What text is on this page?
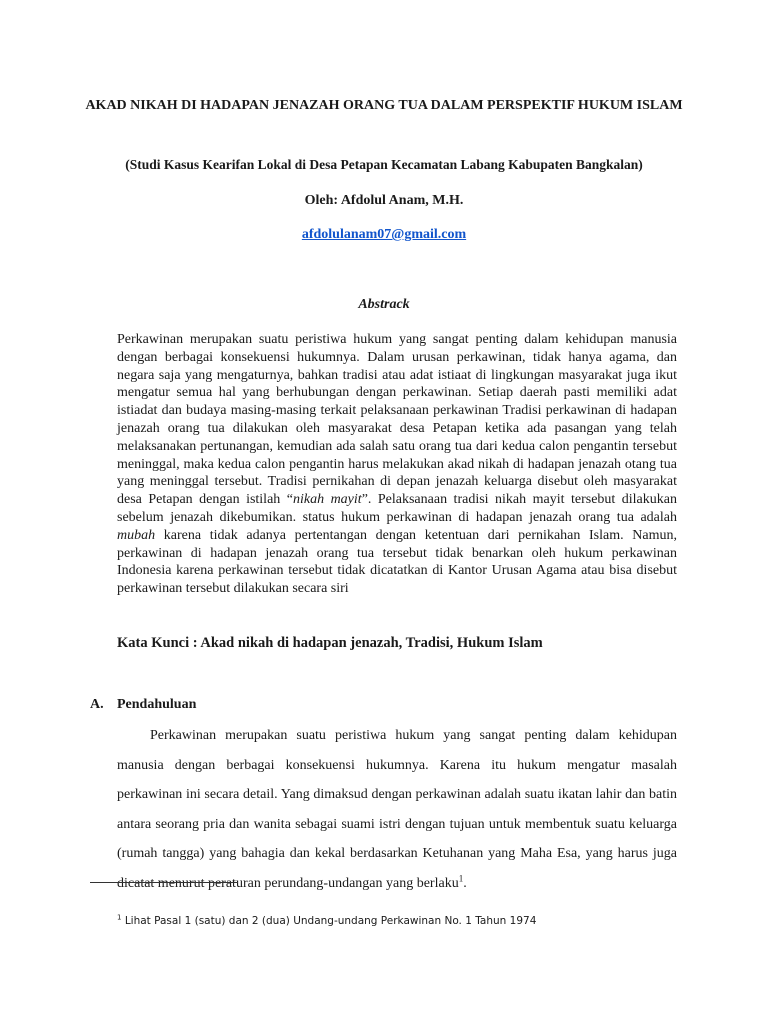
AKAD NIKAH DI HADAPAN JENAZAH ORANG TUA DALAM PERSPEKTIF HUKUM ISLAM
(Studi Kasus Kearifan Lokal di Desa Petapan Kecamatan Labang Kabupaten Bangkalan)
Oleh: Afdolul Anam, M.H.
afdolulanam07@gmail.com
Abstrack
Perkawinan merupakan suatu peristiwa hukum yang sangat penting dalam kehidupan manusia dengan berbagai konsekuensi hukumnya. Dalam urusan perkawinan, tidak hanya agama, dan negara saja yang mengaturnya, bahkan tradisi atau adat istiaat di lingkungan masyarakat juga ikut mengatur semua hal yang berhubungan dengan perkawinan. Setiap daerah pasti memiliki adat istiadat dan budaya masing-masing terkait pelaksanaan perkawinan Tradisi perkawinan di hadapan jenazah orang tua dilakukan oleh masyarakat desa Petapan ketika ada pasangan yang telah melaksanakan pertunangan, kemudian ada salah satu orang tua dari kedua calon pengantin tersebut meninggal, maka kedua calon pengantin harus melakukan akad nikah di hadapan jenazah otang tua yang meninggal tersebut. Tradisi pernikahan di depan jenazah keluarga disebut oleh masyarakat desa Petapan dengan istilah “nikah mayit”. Pelaksanaan tradisi nikah mayit tersebut dilakukan sebelum jenazah dikebumikan. status hukum perkawinan di hadapan jenazah orang tua adalah mubah karena tidak adanya pertentangan dengan ketentuan dari pernikahan Islam. Namun, perkawinan di hadapan jenazah orang tua tersebut tidak benarkan oleh hukum perkawinan Indonesia karena perkawinan tersebut tidak dicatatkan di Kantor Urusan Agama atau bisa disebut perkawinan tersebut dilakukan secara siri
Kata Kunci : Akad nikah di hadapan jenazah, Tradisi, Hukum Islam
A. Pendahuluan
Perkawinan merupakan suatu peristiwa hukum yang sangat penting dalam kehidupan manusia dengan berbagai konsekuensi hukumnya. Karena itu hukum mengatur masalah perkawinan ini secara detail. Yang dimaksud dengan perkawinan adalah suatu ikatan lahir dan batin antara seorang pria dan wanita sebagai suami istri dengan tujuan untuk membentuk suatu keluarga (rumah tangga) yang bahagia dan kekal berdasarkan Ketuhanan yang Maha Esa, yang harus juga dicatat menurut peraturan perundang-undangan yang berlaku$^1$.
$^1$ Lihat Pasal 1 (satu) dan 2 (dua) Undang-undang Perkawinan No. 1 Tahun 1974
